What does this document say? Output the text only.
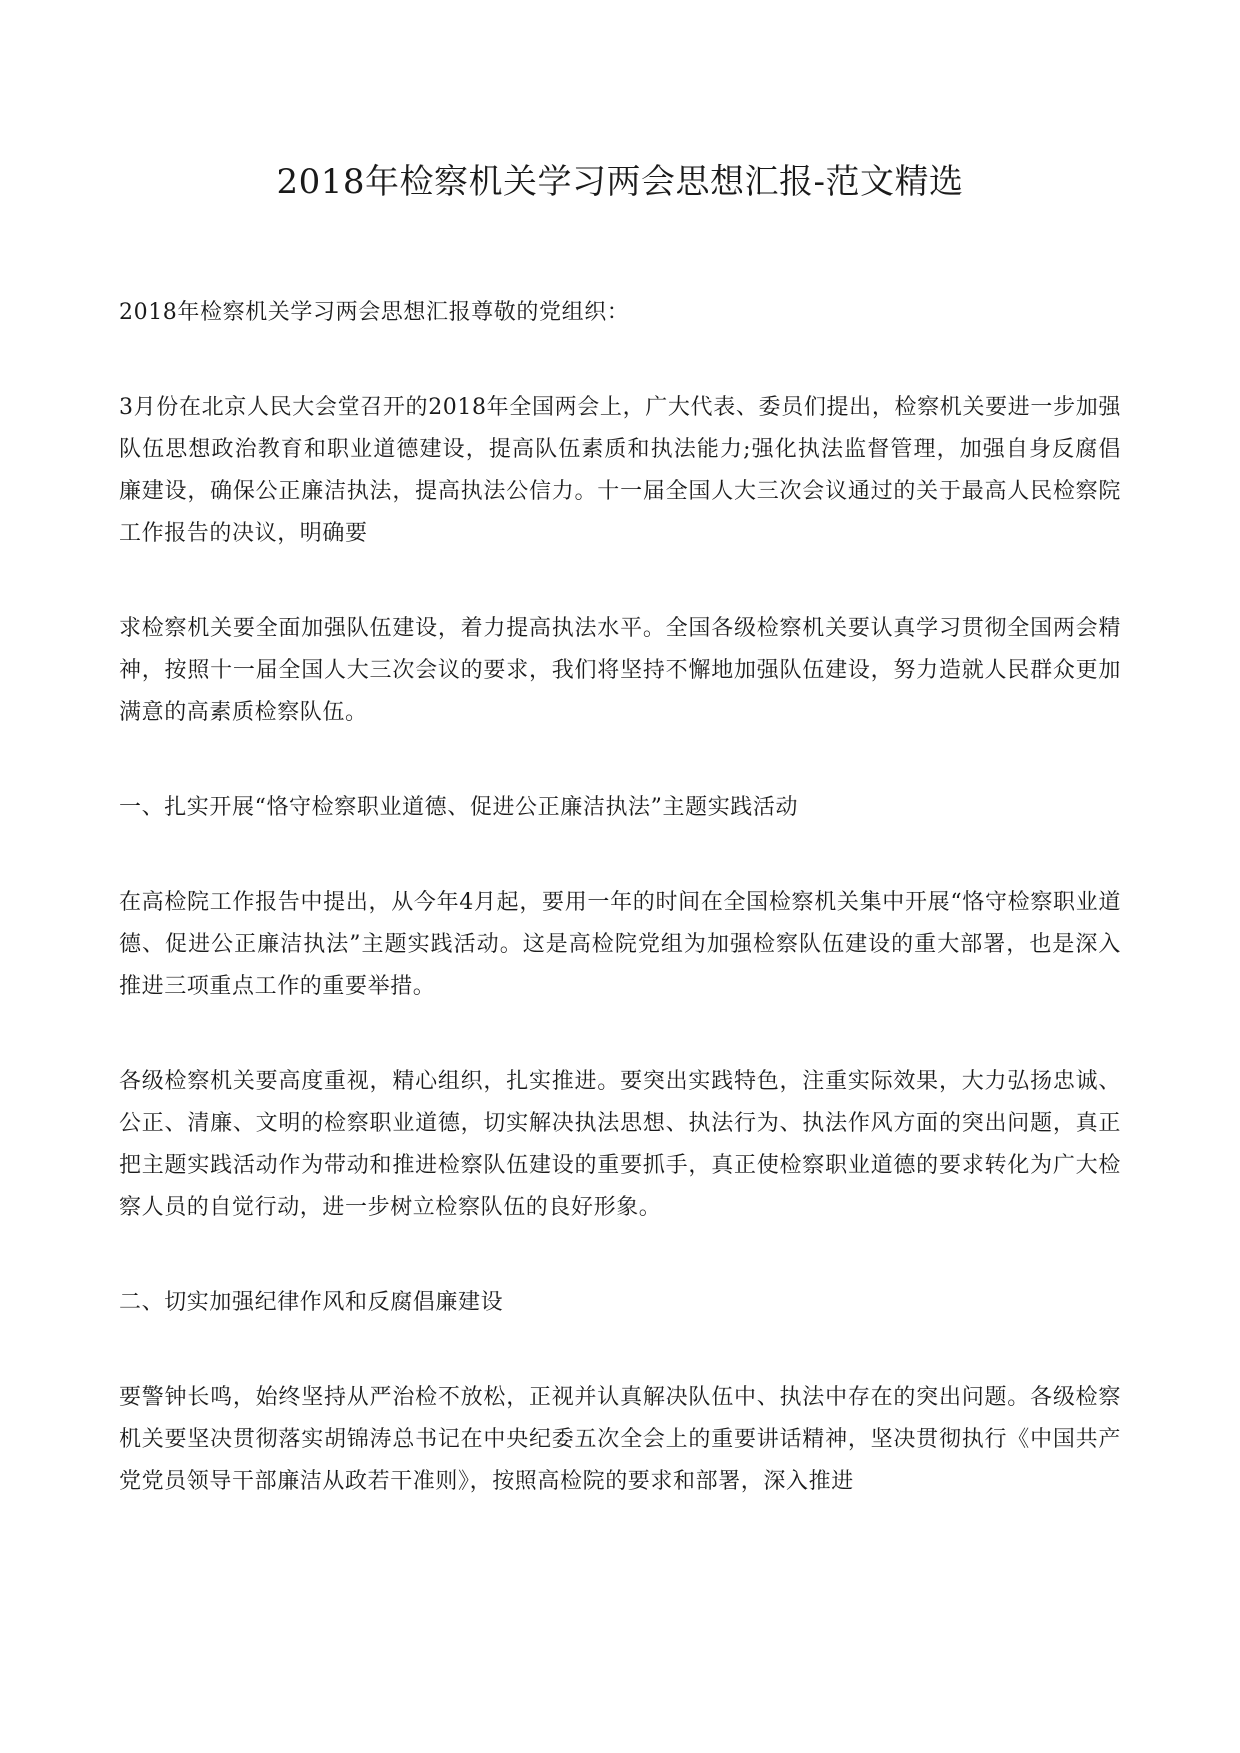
2018年检察机关学习两会思想汇报-范文精选

2018年检察机关学习两会思想汇报尊敬的党组织：

3月份在北京人民大会堂召开的2018年全国两会上，广大代表、委员们提出，检察机关要进一步加强队伍思想政治教育和职业道德建设，提高队伍素质和执法能力;强化执法监督管理，加强自身反腐倡廉建设，确保公正廉洁执法，提高执法公信力。十一届全国人大三次会议通过的关于最高人民检察院工作报告的决议，明确要

求检察机关要全面加强队伍建设，着力提高执法水平。全国各级检察机关要认真学习贯彻全国两会精神，按照十一届全国人大三次会议的要求，我们将坚持不懈地加强队伍建设，努力造就人民群众更加满意的高素质检察队伍。

一、扎实开展“恪守检察职业道德、促进公正廉洁执法”主题实践活动

在高检院工作报告中提出，从今年4月起，要用一年的时间在全国检察机关集中开展“恪守检察职业道德、促进公正廉洁执法”主题实践活动。这是高检院党组为加强检察队伍建设的重大部署，也是深入推进三项重点工作的重要举措。

各级检察机关要高度重视，精心组织，扎实推进。要突出实践特色，注重实际效果，大力弘扬忠诚、公正、清廉、文明的检察职业道德，切实解决执法思想、执法行为、执法作风方面的突出问题，真正把主题实践活动作为带动和推进检察队伍建设的重要抓手，真正使检察职业道德的要求转化为广大检察人员的自觉行动，进一步树立检察队伍的良好形象。

二、切实加强纪律作风和反腐倡廉建设

要警钟长鸣，始终坚持从严治检不放松，正视并认真解决队伍中、执法中存在的突出问题。各级检察机关要坚决贯彻落实胡锦涛总书记在中央纪委五次全会上的重要讲话精神，坚决贯彻执行《中国共产党党员领导干部廉洁从政若干准则》，按照高检院的要求和部署，深入推进
